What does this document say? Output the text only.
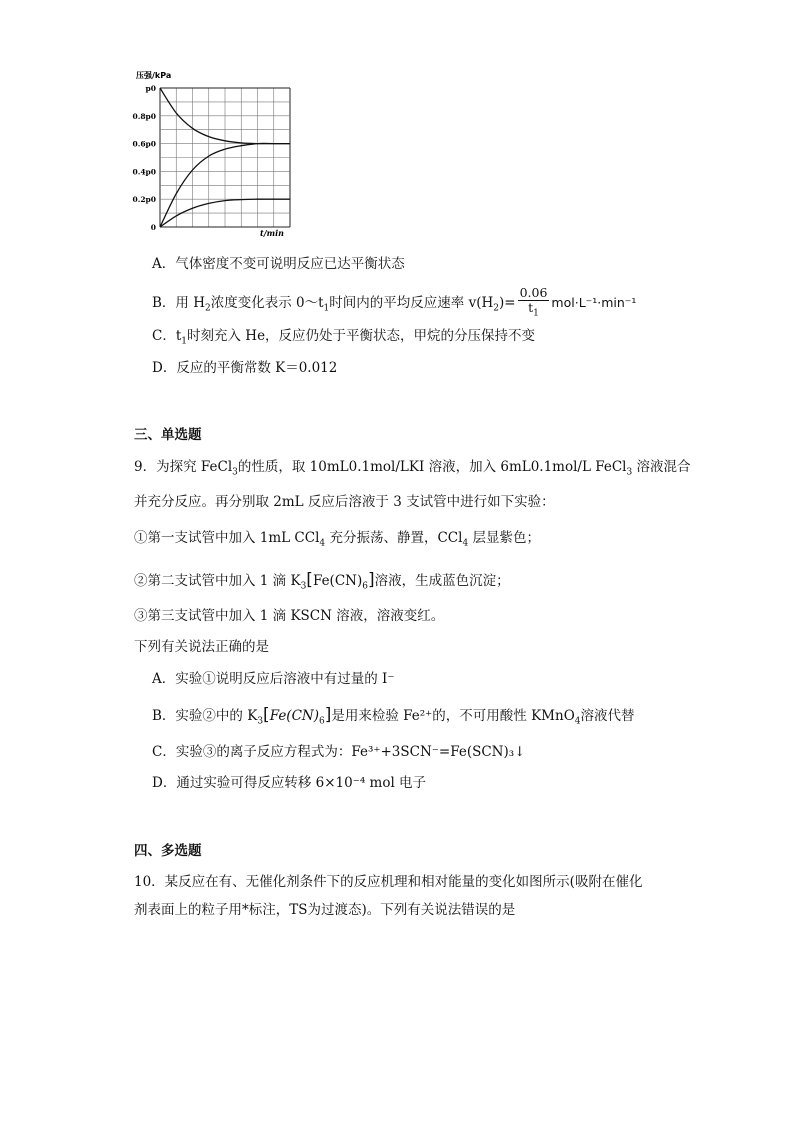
压强/kPa
p0
0.8p0
0.6p0
0.4p0
0.2p0
0
t/min
A．气体密度不变可说明反应已达平衡状态
B．用 $H_2$浓度变化表示 $0\sim t_1$时间内的平均反应速率 $v(H_2)= \frac{0.06}{t_1} mol\cdot L^{-1}\cdot\min^{-1}$
C．$t_1$时刻充入 He，反应仍处于平衡状态，甲烷的分压保持不变
D．反应的平衡常数 K＝0.012
三、单选题
9．为探究 FeCl$_3$的性质，取 10mL0.1mol/LKI 溶液，加入 6mL0.1mol/L FeCl$_3$ 溶液混合
并充分反应。再分别取 2mL 反应后溶液于 3 支试管中进行如下实验：
①第一支试管中加入 1mL CCl$_4$ 充分振荡、静置，CCl$_4$ 层显紫色；
②第二支试管中加入 1 滴 $K_3[Fe(CN)_6]$溶液，生成蓝色沉淀；
③第三支试管中加入 1 滴 KSCN 溶液，溶液变红。
下列有关说法正确的是
A．实验①说明反应后溶液中有过量的 I⁻
B．实验②中的 $K_3[Fe(CN)_6]$是用来检验 Fe²⁺的，不可用酸性 KMnO$_4$溶液代替
C．实验③的离子反应方程式为：Fe³⁺+3SCN⁻=Fe(SCN)₃↓
D．通过实验可得反应转移 6×10⁻⁴ mol 电子
四、多选题
10．某反应在有、无催化剂条件下的反应机理和相对能量的变化如图所示(吸附在催化
剂表面上的粒子用*标注，TS为过渡态)。下列有关说法错误的是
